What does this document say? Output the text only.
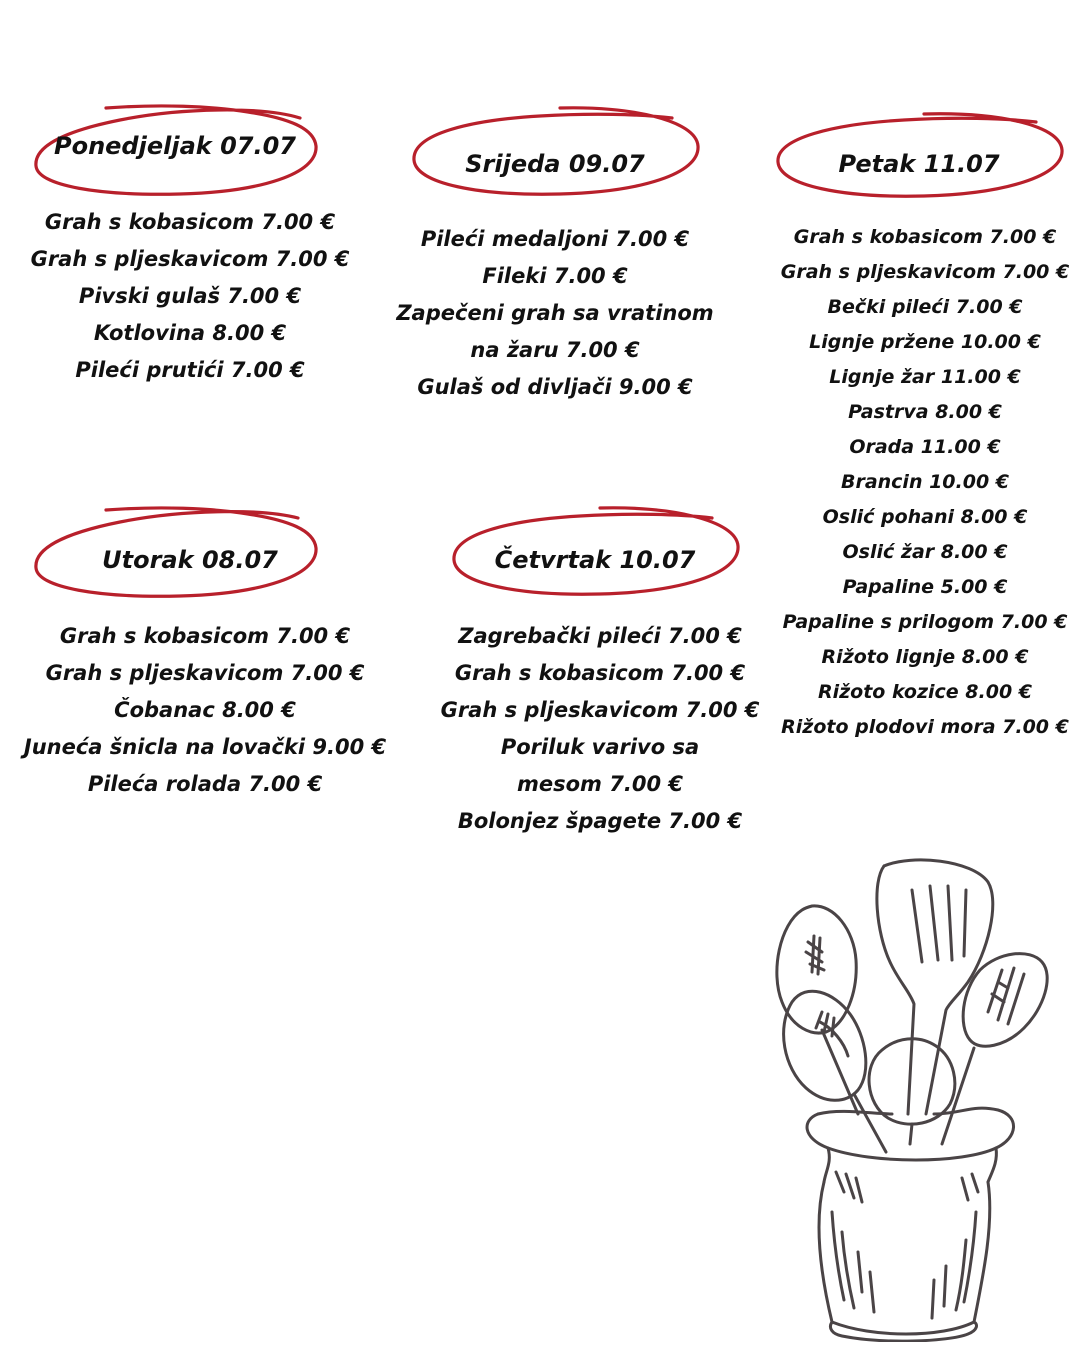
Ponedjeljak 07.07
Grah s kobasicom 7.00 €
Grah s pljeskavicom 7.00 €
Pivski gulaš 7.00 €
Kotlovina 8.00 €
Pileći prutići 7.00 €
Utorak 08.07
Grah s kobasicom 7.00 €
Grah s pljeskavicom 7.00 €
Čobanac 8.00 €
Juneća šnicla na lovački 9.00 €
Pileća rolada 7.00 €
Srijeda 09.07
Pileći medaljoni 7.00 €
Fileki 7.00 €
Zapečeni grah sa vratinom
na žaru 7.00 €
Gulaš od divljači 9.00 €
Četvrtak 10.07
Zagrebački pileći 7.00 €
Grah s kobasicom 7.00 €
Grah s pljeskavicom 7.00 €
Poriluk varivo sa
mesom 7.00 €
Bolonjez špagete 7.00 €
Petak 11.07
Grah s kobasicom 7.00 €
Grah s pljeskavicom 7.00 €
Bečki pileći 7.00 €
Lignje pržene 10.00 €
Lignje žar 11.00 €
Pastrva 8.00 €
Orada 11.00 €
Brancin 10.00 €
Oslić pohani 8.00 €
Oslić žar 8.00 €
Papaline 5.00 €
Papaline s prilogom 7.00 €
Rižoto lignje 8.00 €
Rižoto kozice 8.00 €
Rižoto plodovi mora 7.00 €
